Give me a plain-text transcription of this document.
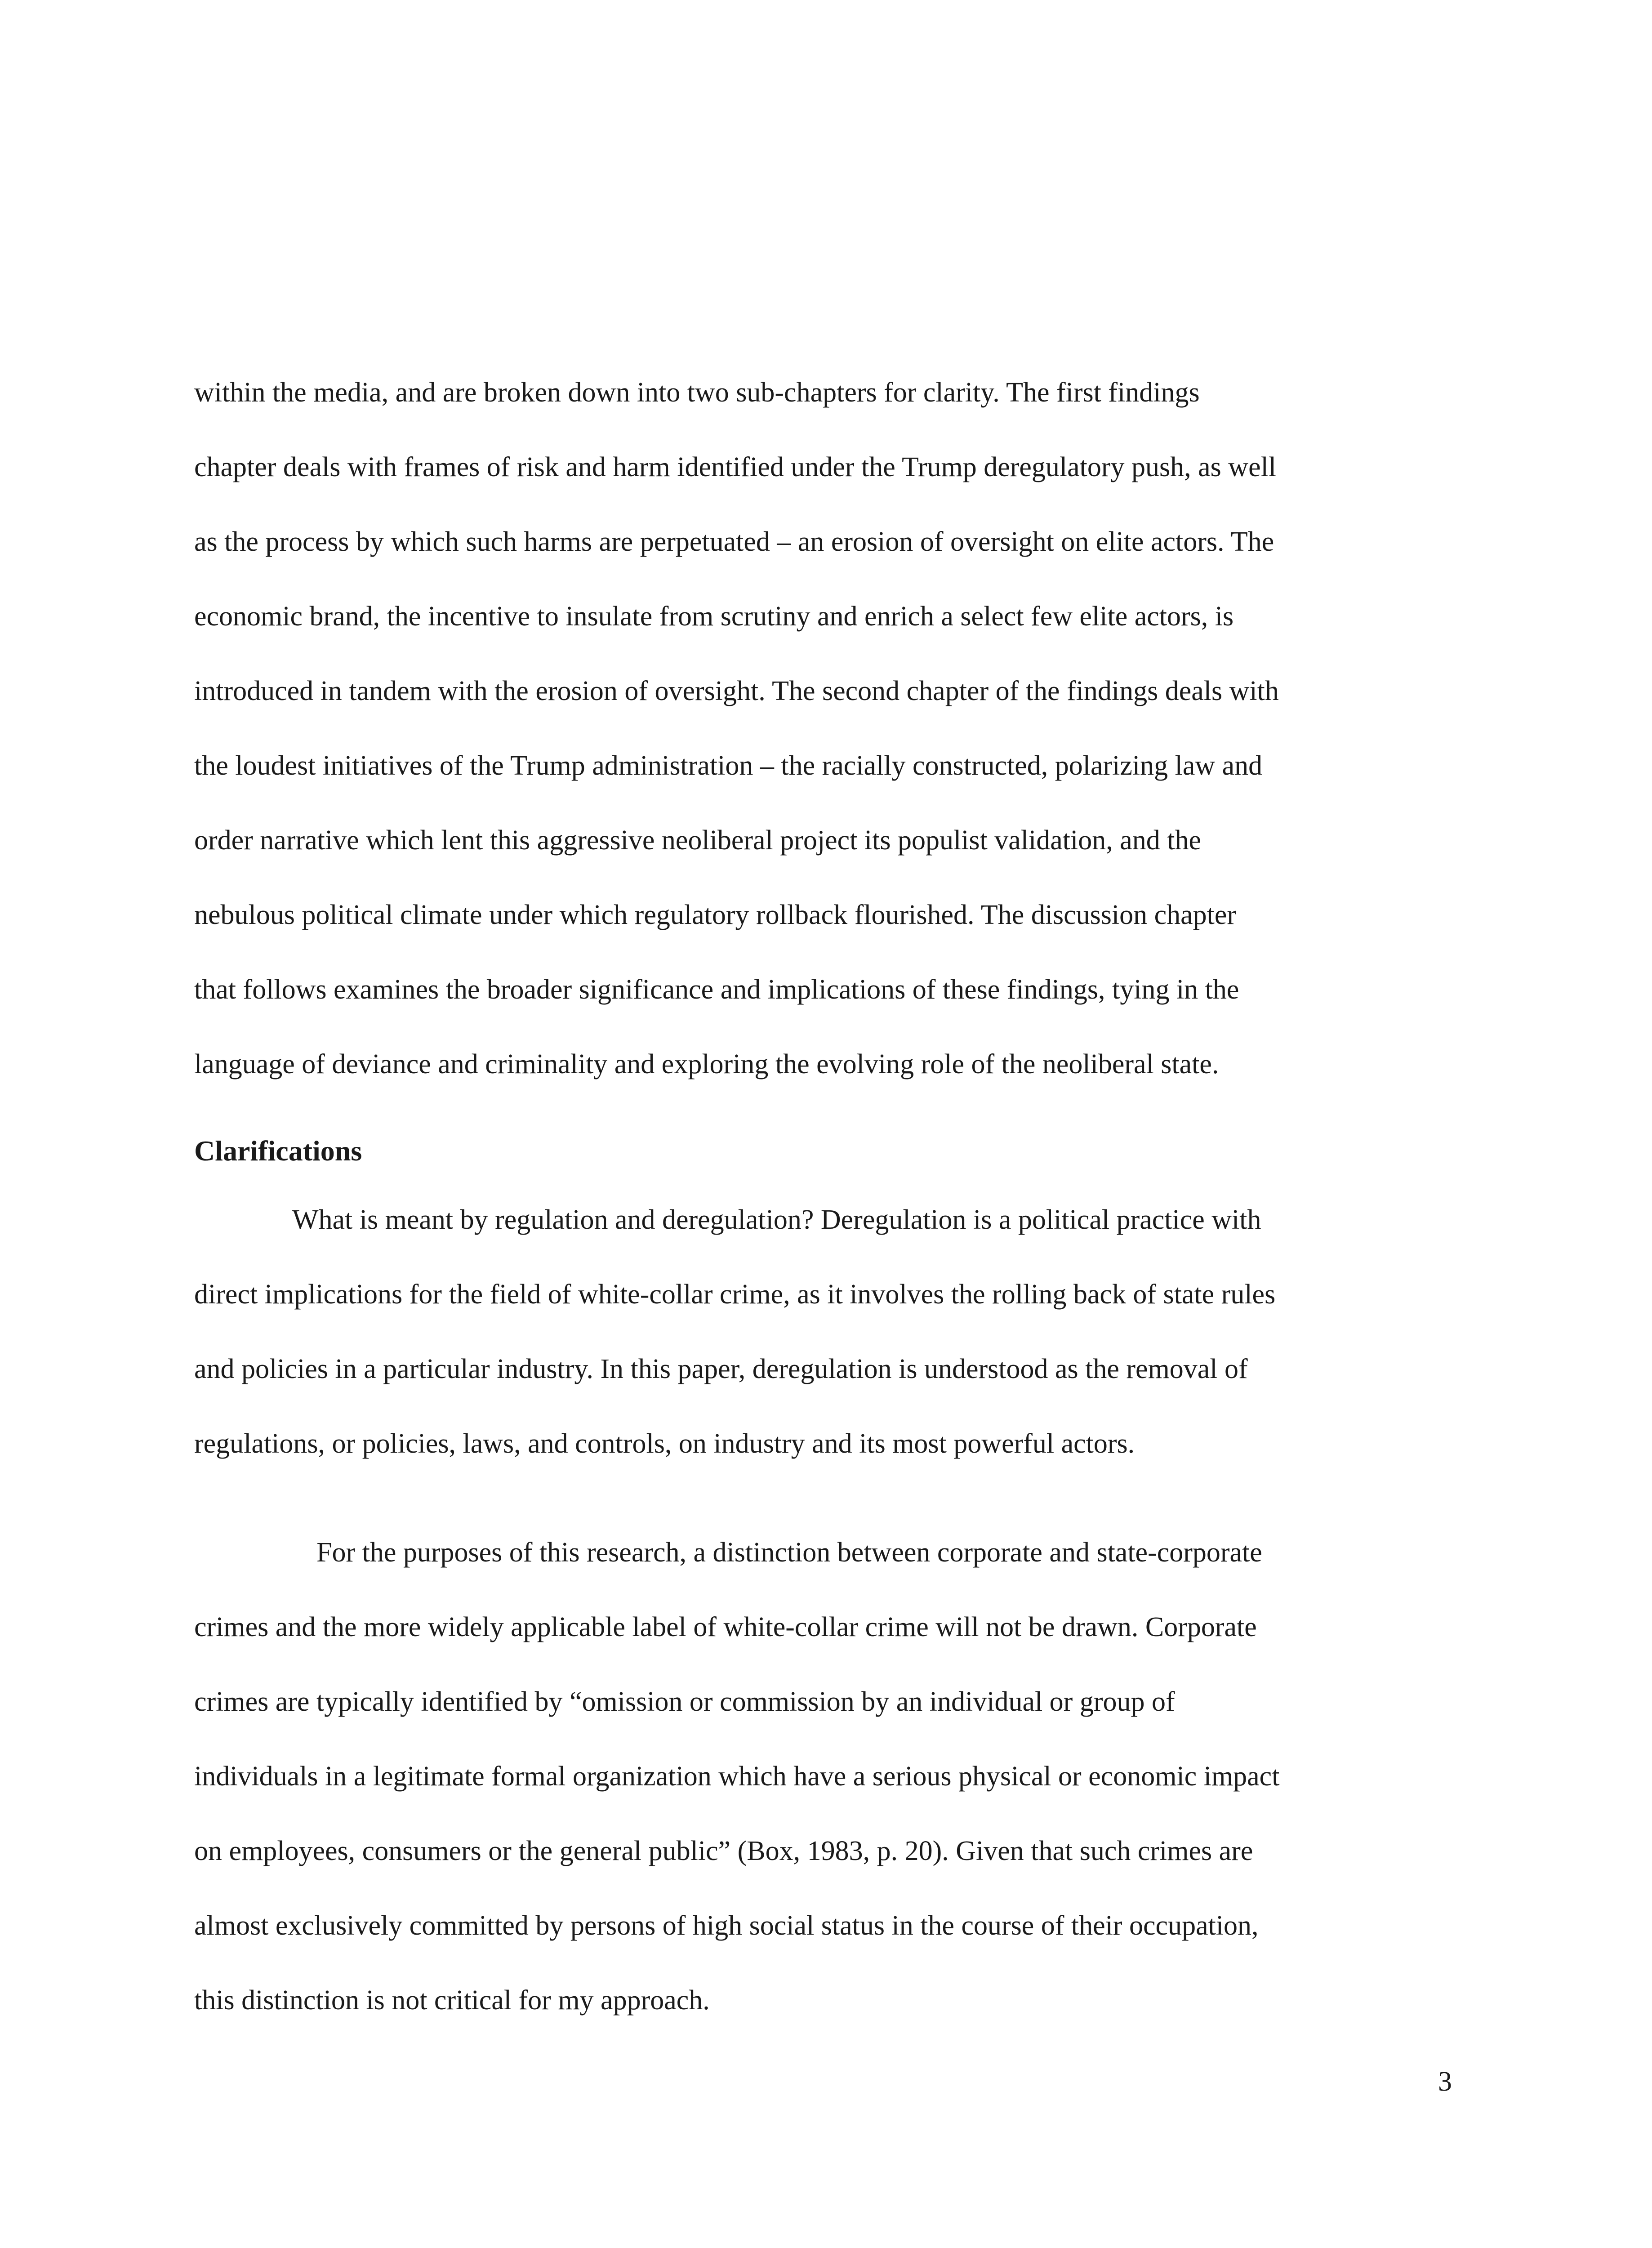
within the media, and are broken down into two sub-chapters for clarity. The first findings
chapter deals with frames of risk and harm identified under the Trump deregulatory push, as well
as the process by which such harms are perpetuated – an erosion of oversight on elite actors. The
economic brand, the incentive to insulate from scrutiny and enrich a select few elite actors, is
introduced in tandem with the erosion of oversight. The second chapter of the findings deals with
the loudest initiatives of the Trump administration – the racially constructed, polarizing law and
order narrative which lent this aggressive neoliberal project its populist validation, and the
nebulous political climate under which regulatory rollback flourished. The discussion chapter
that follows examines the broader significance and implications of these findings, tying in the
language of deviance and criminality and exploring the evolving role of the neoliberal state.

Clarifications

What is meant by regulation and deregulation? Deregulation is a political practice with
direct implications for the field of white-collar crime, as it involves the rolling back of state rules
and policies in a particular industry. In this paper, deregulation is understood as the removal of
regulations, or policies, laws, and controls, on industry and its most powerful actors.

For the purposes of this research, a distinction between corporate and state-corporate
crimes and the more widely applicable label of white-collar crime will not be drawn. Corporate
crimes are typically identified by “omission or commission by an individual or group of
individuals in a legitimate formal organization which have a serious physical or economic impact
on employees, consumers or the general public” (Box, 1983, p. 20). Given that such crimes are
almost exclusively committed by persons of high social status in the course of their occupation,
this distinction is not critical for my approach.

3
